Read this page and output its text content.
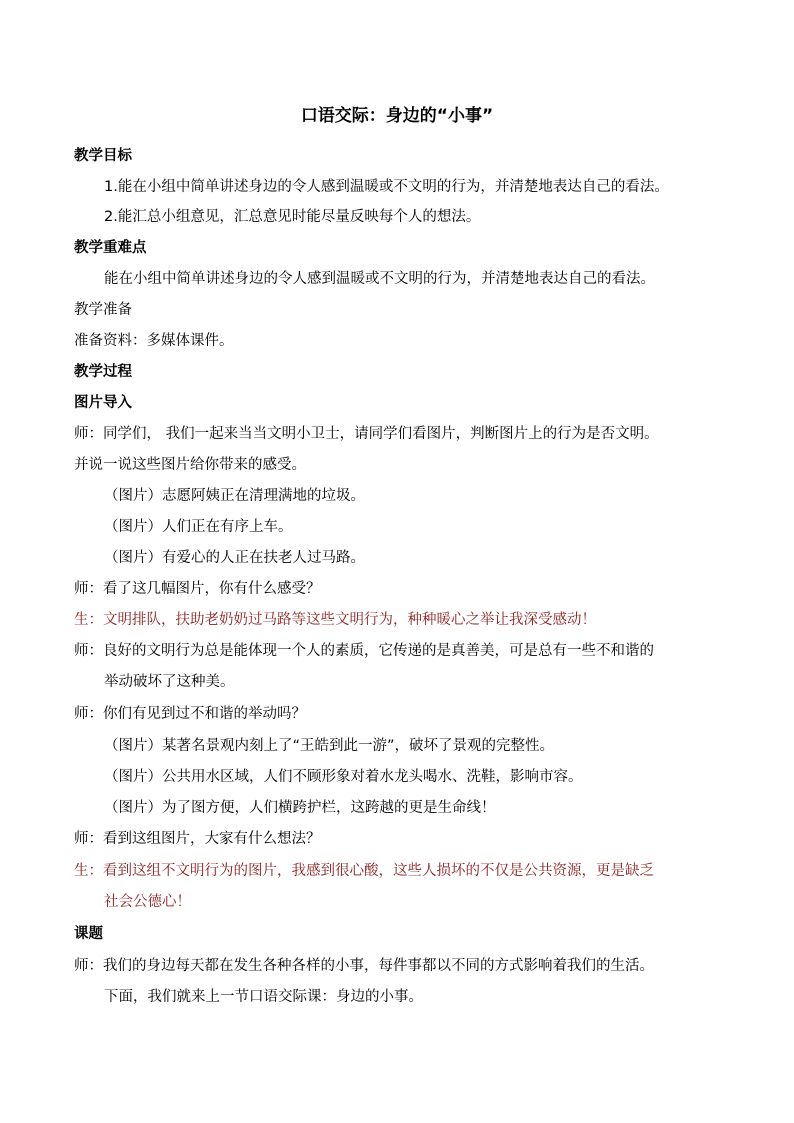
口语交际：身边的“小事”
教学目标
1.能在小组中简单讲述身边的令人感到温暖或不文明的行为，并清楚地表达自己的看法。
2.能汇总小组意见，汇总意见时能尽量反映每个人的想法。
教学重难点
能在小组中简单讲述身边的令人感到温暖或不文明的行为，并清楚地表达自己的看法。
教学准备
准备资料：多媒体课件。
教学过程
图片导入
师：同学们， 我们一起来当当文明小卫士，请同学们看图片，判断图片上的行为是否文明。
并说一说这些图片给你带来的感受。
（图片）志愿阿姨正在清理满地的垃圾。
（图片）人们正在有序上车。
（图片）有爱心的人正在扶老人过马路。
师：看了这几幅图片，你有什么感受？
生：文明排队，扶助老奶奶过马路等这些文明行为，种种暖心之举让我深受感动！
师：良好的文明行为总是能体现一个人的素质，它传递的是真善美，可是总有一些不和谐的
举动破坏了这种美。
师：你们有见到过不和谐的举动吗？
（图片）某著名景观内刻上了“王皓到此一游”，破坏了景观的完整性。
（图片）公共用水区域，人们不顾形象对着水龙头喝水、洗鞋，影响市容。
（图片）为了图方便，人们横跨护栏，这跨越的更是生命线！
师：看到这组图片，大家有什么想法？
生：看到这组不文明行为的图片，我感到很心酸，这些人损坏的不仅是公共资源，更是缺乏
社会公德心！
课题
师：我们的身边每天都在发生各种各样的小事，每件事都以不同的方式影响着我们的生活。
下面，我们就来上一节口语交际课：身边的小事。
